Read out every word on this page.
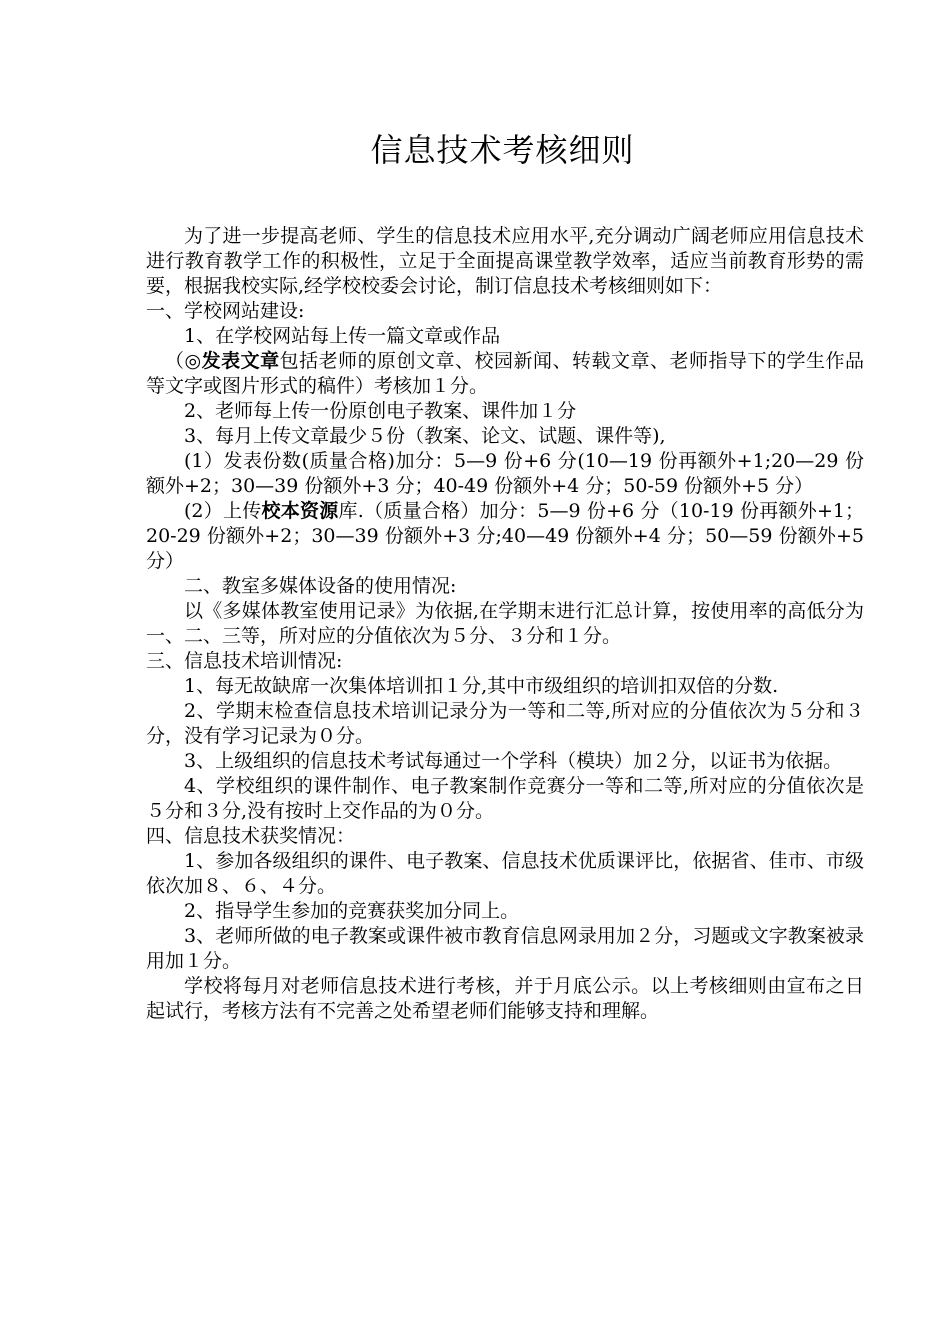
信息技术考核细则

为了进一步提高老师、学生的信息技术应用水平,充分调动广阔老师应用信息技术进行教育教学工作的积极性，立足于全面提高课堂教学效率，适应当前教育形势的需要，根据我校实际,经学校校委会讨论，制订信息技术考核细则如下：

一、学校网站建设:

1、在学校网站每上传一篇文章或作品

（◎发表文章包括老师的原创文章、校园新闻、转载文章、老师指导下的学生作品等文字或图片形式的稿件）考核加１分。

2、老师每上传一份原创电子教案、课件加１分

3、每月上传文章最少５份（教案、论文、试题、课件等),

(1）发表份数(质量合格)加分：5—9 份+6 分(10—19 份再额外+1;20—29 份额外+2；30—39 份额外+3 分；40-49 份额外+4 分；50-59 份额外+5 分）

(2）上传校本资源库.（质量合格）加分：5—9 份+6 分（10-19 份再额外+1；20-29 份额外+2；30—39 份额外+3 分;40—49 份额外+4 分；50—59 份额外+5 分）

二、教室多媒体设备的使用情况:

以《多媒体教室使用记录》为依据,在学期末进行汇总计算，按使用率的高低分为一、二、三等，所对应的分值依次为５分、３分和１分。

三、信息技术培训情况:

1、每无故缺席一次集体培训扣１分,其中市级组织的培训扣双倍的分数.

2、学期末检查信息技术培训记录分为一等和二等,所对应的分值依次为５分和３分，没有学习记录为０分。

3、上级组织的信息技术考试每通过一个学科（模块）加２分，以证书为依据。

4、学校组织的课件制作、电子教案制作竞赛分一等和二等,所对应的分值依次是５分和３分,没有按时上交作品的为０分。

四、信息技术获奖情况：

1、参加各级组织的课件、电子教案、信息技术优质课评比，依据省、佳市、市级依次加８、６、４分。

2、指导学生参加的竞赛获奖加分同上。

3、老师所做的电子教案或课件被市教育信息网录用加２分，习题或文字教案被录用加１分。

学校将每月对老师信息技术进行考核，并于月底公示。以上考核细则由宣布之日起试行，考核方法有不完善之处希望老师们能够支持和理解。
